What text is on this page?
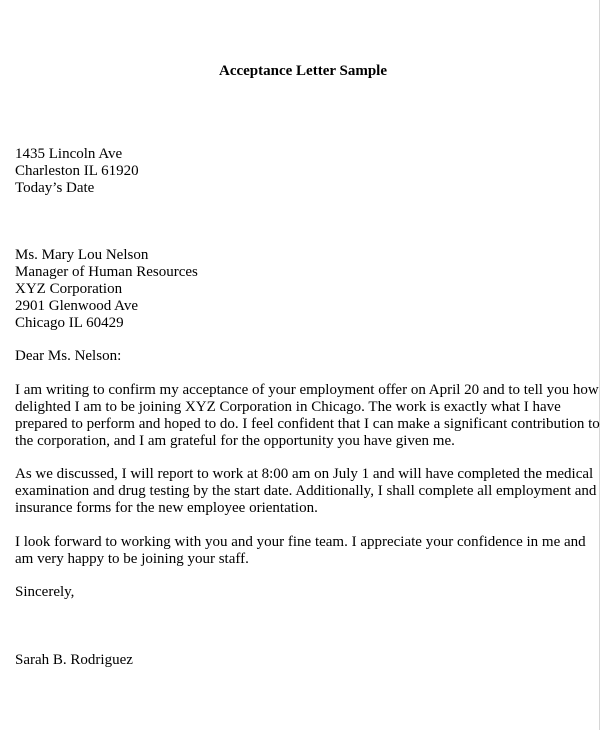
Acceptance Letter Sample
1435 Lincoln Ave
Charleston IL 61920
Today’s Date
Ms. Mary Lou Nelson
Manager of Human Resources
XYZ Corporation
2901 Glenwood Ave
Chicago IL 60429
Dear Ms. Nelson:
I am writing to confirm my acceptance of your employment offer on April 20 and to tell you how
delighted I am to be joining XYZ Corporation in Chicago. The work is exactly what I have
prepared to perform and hoped to do. I feel confident that I can make a significant contribution to
the corporation, and I am grateful for the opportunity you have given me.
As we discussed, I will report to work at 8:00 am on July 1 and will have completed the medical
examination and drug testing by the start date. Additionally, I shall complete all employment and
insurance forms for the new employee orientation.
I look forward to working with you and your fine team. I appreciate your confidence in me and
am very happy to be joining your staff.
Sincerely,
Sarah B. Rodriguez
